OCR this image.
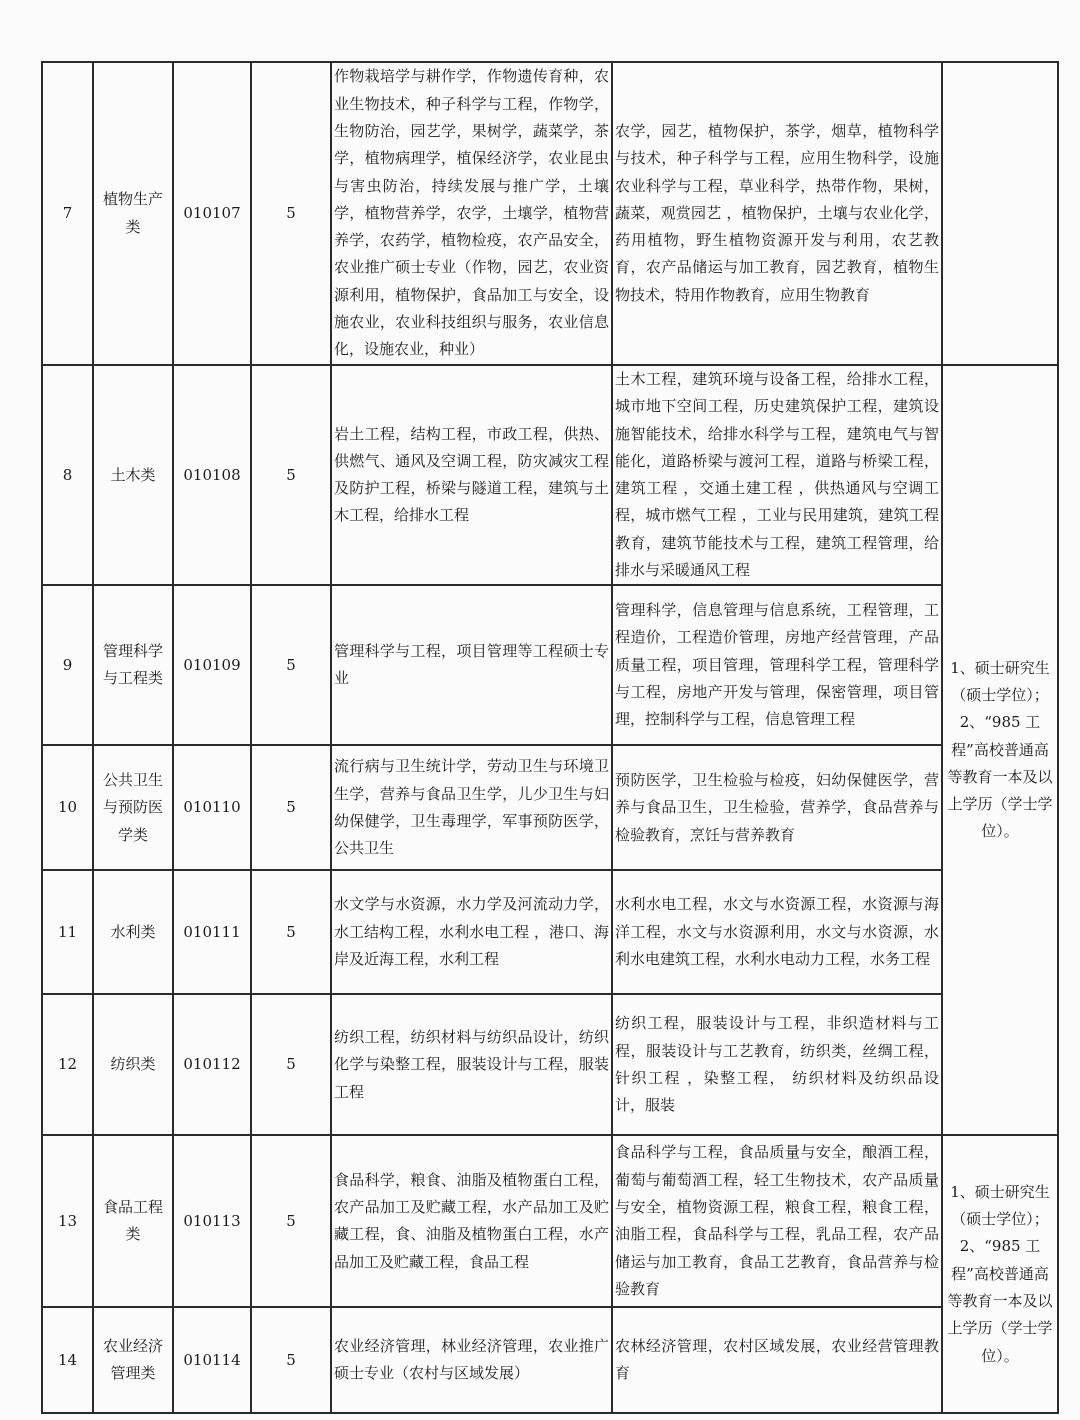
7	植物生产类	010107	5	作物栽培学与耕作学，作物遗传育种，农业生物技术，种子科学与工程，作物学，生物防治，园艺学，果树学，蔬菜学，茶学，植物病理学，植保经济学，农业昆虫与害虫防治，持续发展与推广学，土壤学，植物营养学，农学，土壤学，植物营养学，农药学，植物检疫，农产品安全，农业推广硕士专业（作物，园艺，农业资源利用，植物保护，食品加工与安全，设施农业，农业科技组织与服务，农业信息化，设施农业，种业）	农学，园艺，植物保护，茶学，烟草，植物科学与技术，种子科学与工程，应用生物科学，设施农业科学与工程，草业科学，热带作物，果树，蔬菜，观赏园艺 ，植物保护，土壤与农业化学，药用植物，野生植物资源开发与利用，农艺教育，农产品储运与加工教育，园艺教育，植物生物技术，特用作物教育，应用生物教育	
8	土木类	010108	5	岩土工程，结构工程，市政工程，供热、供燃气、通风及空调工程，防灾减灾工程及防护工程，桥梁与隧道工程，建筑与土木工程，给排水工程	土木工程，建筑环境与设备工程，给排水工程，城市地下空间工程，历史建筑保护工程，建筑设施智能技术，给排水科学与工程，建筑电气与智能化，道路桥梁与渡河工程，道路与桥梁工程，建筑工程 ，交通土建工程 ，供热通风与空调工程，城市燃气工程 ，工业与民用建筑，建筑工程教育，建筑节能技术与工程，建筑工程管理，给排水与采暖通风工程	1、硕士研究生（硕士学位）；2、“985 工程”高校普通高等教育一本及以上学历（学士学位）。
9	管理科学与工程类	010109	5	管理科学与工程，项目管理等工程硕士专业	管理科学，信息管理与信息系统，工程管理，工程造价，工程造价管理，房地产经营管理，产品质量工程，项目管理，管理科学工程，管理科学与工程，房地产开发与管理，保密管理，项目管理，控制科学与工程，信息管理工程	
10	公共卫生与预防医学类	010110	5	流行病与卫生统计学，劳动卫生与环境卫生学，营养与食品卫生学，儿少卫生与妇幼保健学，卫生毒理学，军事预防医学，公共卫生	预防医学，卫生检验与检疫，妇幼保健医学，营养与食品卫生，卫生检验，营养学，食品营养与检验教育，烹饪与营养教育	
11	水利类	010111	5	水文学与水资源，水力学及河流动力学，水工结构工程，水利水电工程 ，港口、海岸及近海工程，水利工程	水利水电工程，水文与水资源工程，水资源与海洋工程，水文与水资源利用，水文与水资源，水利水电建筑工程，水利水电动力工程，水务工程	
12	纺织类	010112	5	纺织工程，纺织材料与纺织品设计，纺织化学与染整工程，服装设计与工程，服装工程	纺织工程，服装设计与工程，非织造材料与工程，服装设计与工艺教育，纺织类，丝绸工程，针织工程 ，染整工程， 纺织材料及纺织品设计，服装	
13	食品工程类	010113	5	食品科学，粮食、油脂及植物蛋白工程，农产品加工及贮藏工程，水产品加工及贮藏工程，食、油脂及植物蛋白工程，水产品加工及贮藏工程，食品工程	食品科学与工程，食品质量与安全，酿酒工程，葡萄与葡萄酒工程，轻工生物技术，农产品质量与安全，植物资源工程，粮食工程，粮食工程，油脂工程，食品科学与工程，乳品工程，农产品储运与加工教育，食品工艺教育，食品营养与检验教育	1、硕士研究生（硕士学位）；2、“985 工程”高校普通高等教育一本及以上学历（学士学位）。
14	农业经济管理类	010114	5	农业经济管理，林业经济管理，农业推广硕士专业（农村与区域发展）	农林经济管理，农村区域发展，农业经营管理教育	
